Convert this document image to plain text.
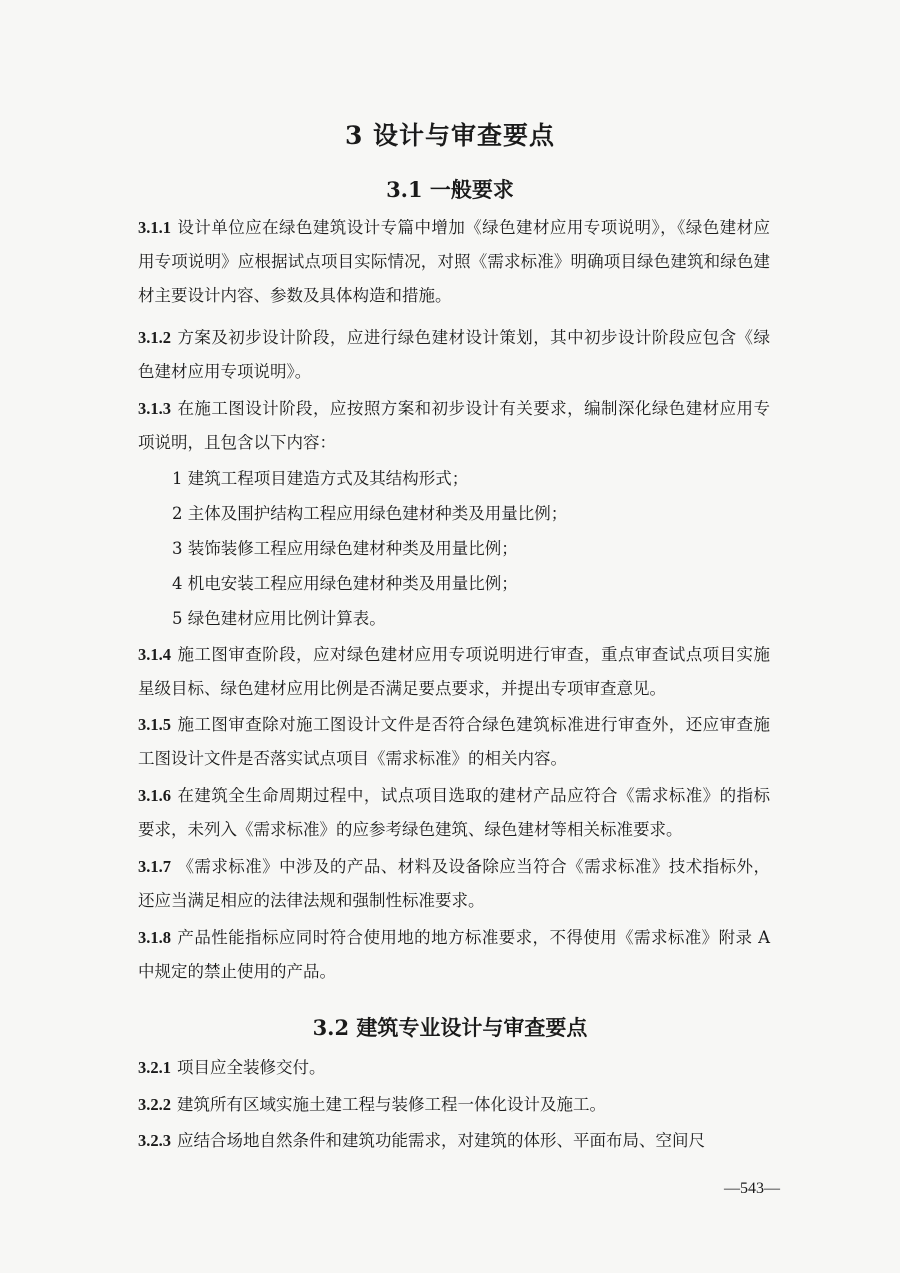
3 设计与审查要点
3.1 一般要求
3.1.1 设计单位应在绿色建筑设计专篇中增加《绿色建材应用专项说明》，《绿色建材应用专项说明》应根据试点项目实际情况，对照《需求标准》明确项目绿色建筑和绿色建材主要设计内容、参数及具体构造和措施。
3.1.2 方案及初步设计阶段，应进行绿色建材设计策划，其中初步设计阶段应包含《绿色建材应用专项说明》。
3.1.3 在施工图设计阶段，应按照方案和初步设计有关要求，编制深化绿色建材应用专项说明，且包含以下内容：
1 建筑工程项目建造方式及其结构形式；
2 主体及围护结构工程应用绿色建材种类及用量比例；
3 装饰装修工程应用绿色建材种类及用量比例；
4 机电安装工程应用绿色建材种类及用量比例；
5 绿色建材应用比例计算表。
3.1.4 施工图审查阶段，应对绿色建材应用专项说明进行审查，重点审查试点项目实施星级目标、绿色建材应用比例是否满足要点要求，并提出专项审查意见。
3.1.5 施工图审查除对施工图设计文件是否符合绿色建筑标准进行审查外，还应审查施工图设计文件是否落实试点项目《需求标准》的相关内容。
3.1.6 在建筑全生命周期过程中，试点项目选取的建材产品应符合《需求标准》的指标要求，未列入《需求标准》的应参考绿色建筑、绿色建材等相关标准要求。
3.1.7 《需求标准》中涉及的产品、材料及设备除应当符合《需求标准》技术指标外，还应当满足相应的法律法规和强制性标准要求。
3.1.8 产品性能指标应同时符合使用地的地方标准要求，不得使用《需求标准》附录 A 中规定的禁止使用的产品。
3.2 建筑专业设计与审查要点
3.2.1 项目应全装修交付。
3.2.2 建筑所有区域实施土建工程与装修工程一体化设计及施工。
3.2.3 应结合场地自然条件和建筑功能需求，对建筑的体形、平面布局、空间尺
—543—
